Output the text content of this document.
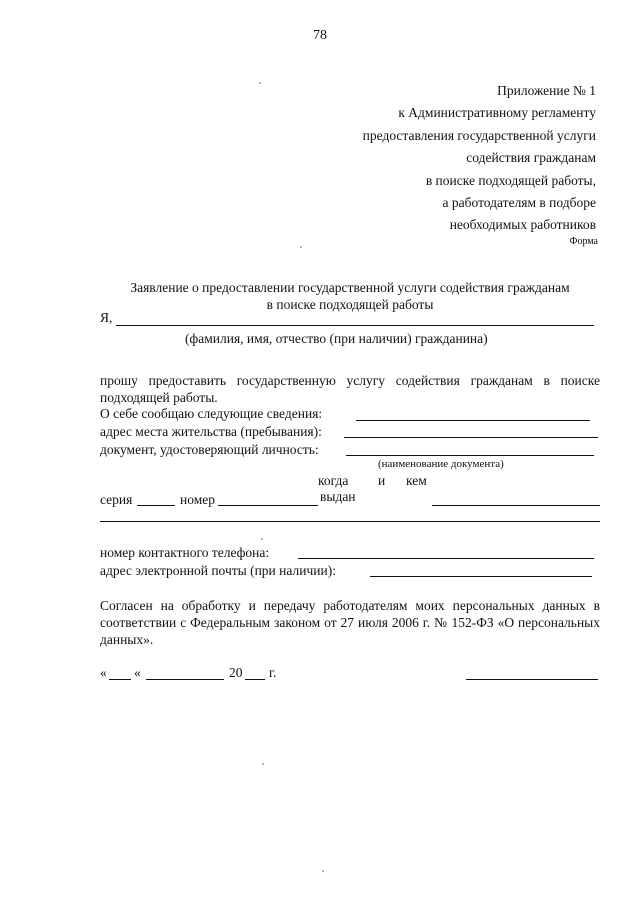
78
Приложение № 1
к Административному регламенту
предоставления государственной услуги
содействия гражданам
в поиске подходящей работы,
а работодателям в подборе
необходимых работников
Форма
Заявление о предоставлении государственной услуги содействия гражданам
в поиске подходящей работы
Я,
(фамилия, имя, отчество (при наличии) гражданина)
прошу предоставить государственную услугу содействия гражданам в поиске подходящей работы.
О себе сообщаю следующие сведения:
адрес места жительства (пребывания):
документ, удостоверяющий личность:
(наименование документа)
когда и кем
серия	номер	выдан
номер контактного телефона:
адрес электронной почты (при наличии):
Согласен на обработку и передачу работодателям моих персональных данных в соответствии с Федеральным законом от 27 июля 2006 г. № 152-ФЗ «О персональных данных».
« «	20 г.
